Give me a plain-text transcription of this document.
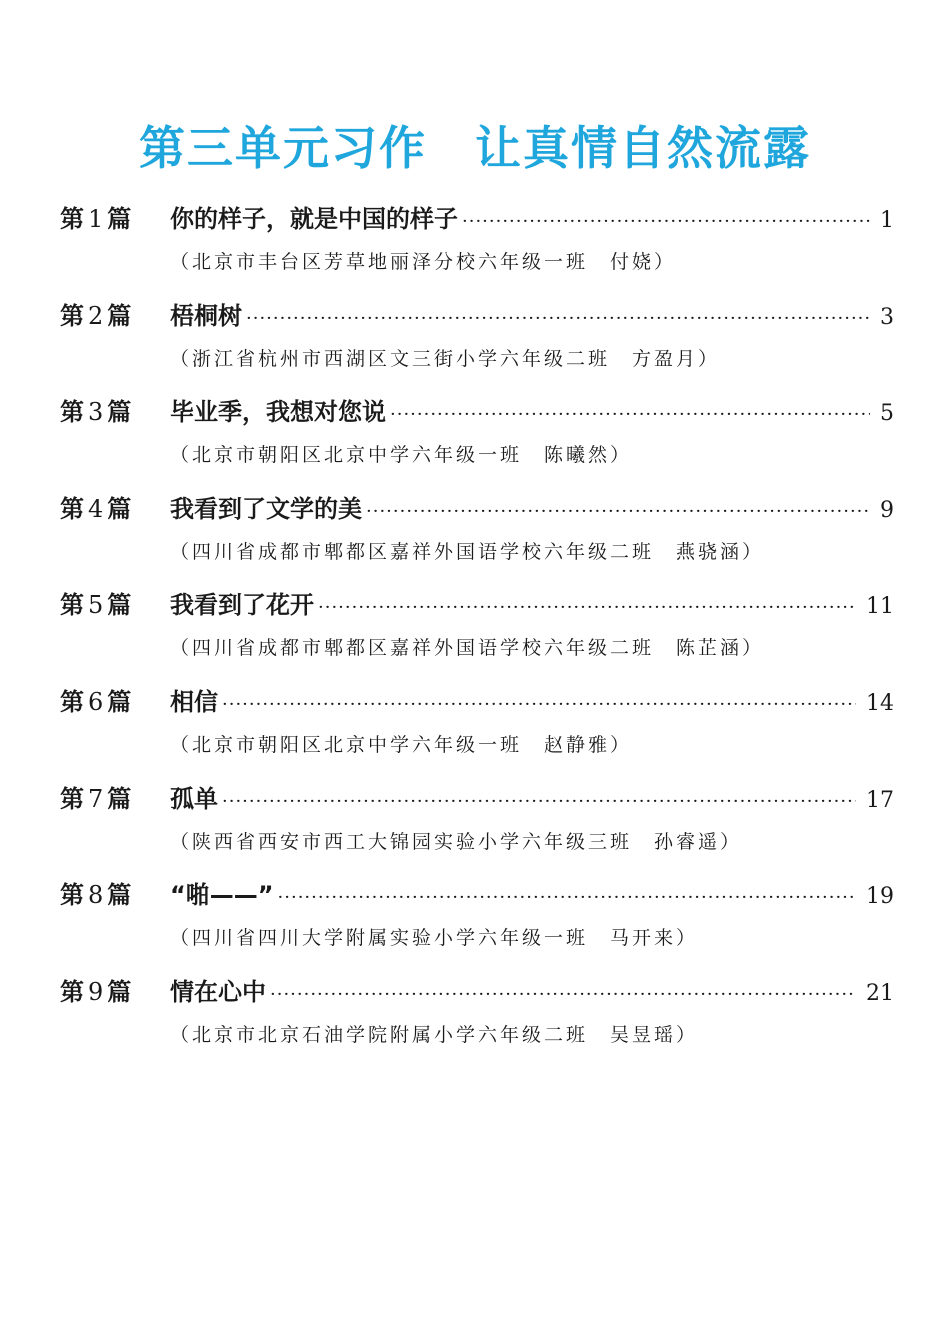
第三单元习作 让真情自然流露
第 1 篇	你的样子，就是中国的样子 ·····	1
（北京市丰台区芳草地丽泽分校六年级一班　付娆）
第 2 篇	梧桐树 ·····	3
（浙江省杭州市西湖区文三街小学六年级二班　方盈月）
第 3 篇	毕业季，我想对您说 ·····	5
（北京市朝阳区北京中学六年级一班　陈曦然）
第 4 篇	我看到了文学的美 ·····	9
（四川省成都市郫都区嘉祥外国语学校六年级二班　燕骁涵）
第 5 篇	我看到了花开 ·····	11
（四川省成都市郫都区嘉祥外国语学校六年级二班　陈芷涵）
第 6 篇	相信 ·····	14
（北京市朝阳区北京中学六年级一班　赵静雅）
第 7 篇	孤单 ·····	17
（陕西省西安市西工大锦园实验小学六年级三班　孙睿遥）
第 8 篇	“啪——” ·····	19
（四川省四川大学附属实验小学六年级一班　马开来）
第 9 篇	情在心中 ·····	21
（北京市北京石油学院附属小学六年级二班　吴昱瑶）
